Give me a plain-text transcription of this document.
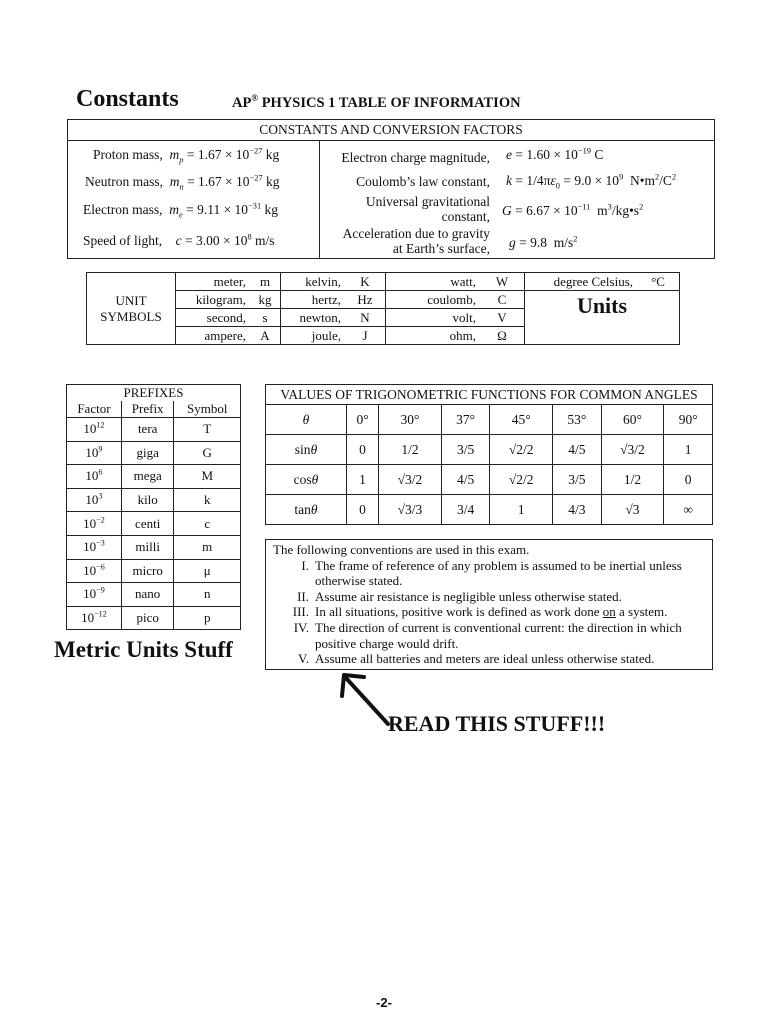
Constants	AP® PHYSICS 1 TABLE OF INFORMATION
CONSTANTS AND CONVERSION FACTORS
Proton mass, $m_p = 1.67 \times 10^{-27}$ kg
Neutron mass, $m_n = 1.67 \times 10^{-27}$ kg
Electron mass, $m_e = 9.11 \times 10^{-31}$ kg
Speed of light, $c = 3.00 \times 10^8$ m/s
Electron charge magnitude, $e = 1.60 \times 10^{-19}$ C
Coulomb’s law constant, $k = 1/4\pi\varepsilon_0 = 9.0 \times 10^9$  $N•m^2/C^2$
Universal gravitational constant, $G = 6.67 \times 10^{-11}$  $m^3/kg•s^2$
Acceleration due to gravity at Earth’s surface, g = 9.8  $m/s^2$
UNIT
SYMBOLS	meter,	m	kelvin,	K	watt,	W	degree Celsius,	°C
	kilogram,	kg	hertz,	Hz	coulomb,	C	Units	

	second,	s	newton,	N	volt,	V		
	ampere,	A	joule,	J	ohm,	Ω		
PREFIXES		
Factor	Prefix	Symbol
$10^{12}$	tera	T
$10^9$	giga	G
$10^6$	mega	M
$10^3$	kilo	k
$10^{-2}$	centi	c
$10^{-3}$	milli	m
$10^{-6}$	micro	μ
$10^{-9}$	nano	n
$10^{-12}$	pico	p
Metric Units Stuff
VALUES OF TRIGONOMETRIC FUNCTIONS FOR COMMON ANGLES							
θ	0°	30°	37°	45°	53°	60°	90°
sinθ	0	1/2	3/5	√2/2	4/5	√3/2	1
cosθ	1	√3/2	4/5	√2/2	3/5	1/2	0
tanθ	0	√3/3	3/4	1	4/3	√3	∞
The following conventions are used in this exam.
I. The frame of reference of any problem is assumed to be inertial unless otherwise stated.
II. Assume air resistance is negligible unless otherwise stated.
III. In all situations, positive work is defined as work done on a system.
IV. The direction of current is conventional current: the direction in which positive charge would drift.
V. Assume all batteries and meters are ideal unless otherwise stated.
READ THIS STUFF!!!
-2-
